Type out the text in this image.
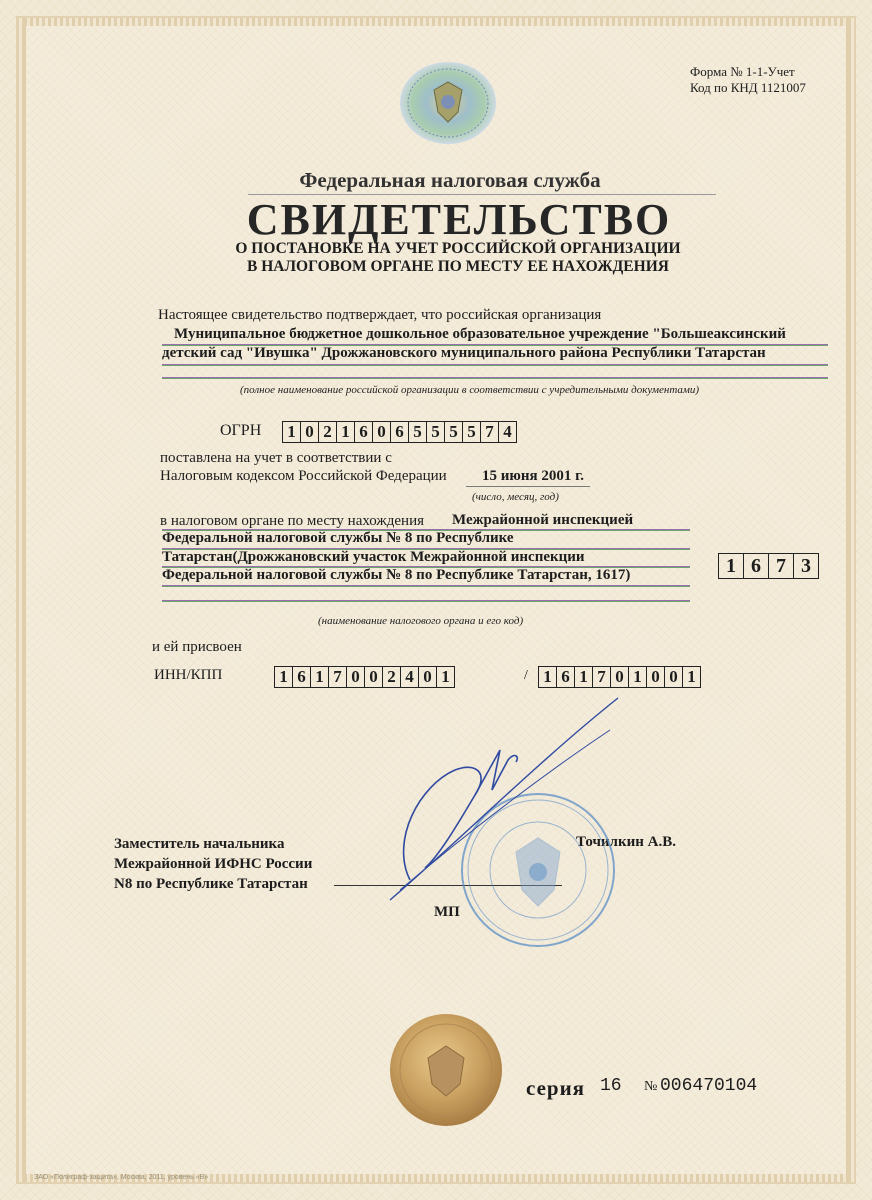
Форма № 1-1-Учет
Код по КНД 1121007
Федеральная налоговая служба
СВИДЕТЕЛЬСТВО
О ПОСТАНОВКЕ НА УЧЕТ РОССИЙСКОЙ ОРГАНИЗАЦИИ
В НАЛОГОВОМ ОРГАНЕ ПО МЕСТУ ЕЕ НАХОЖДЕНИЯ
Настоящее свидетельство подтверждает, что российская организация
Муниципальное бюджетное дошкольное образовательное учреждение "Большеаксинский
детский сад "Ивушка" Дрожжановского муниципального района Республики Татарстан
(полное наименование российской организации в соответствии с учредительными документами)
ОГРН 1 0 2 1 6 0 6 5 5 5 5 7 4
поставлена на учет в соответствии с
Налоговым кодексом Российской Федерации 15 июня 2001 г.
(число, месяц, год)
в налоговом органе по месту нахождения Межрайонной инспекцией
Федеральной налоговой службы № 8 по Республике
Татарстан(Дрожжановский участок Межрайонной инспекции
Федеральной налоговой службы № 8 по Республике Татарстан, 1617)	1 6 7 3
(наименование налогового органа и его код)
и ей присвоен
ИНН/КПП	1 6 1 7 0 0 2 4 0 1	/ 1 6 1 7 0 1 0 0 1
Заместитель начальника
Межрайонной ИФНС России
N8 по Республике Татарстан
Точилкин А.В.
МП
серия 16 № 006470104
ЗАО «Полиграф-защита», Москва, 2011, уровень «В»
